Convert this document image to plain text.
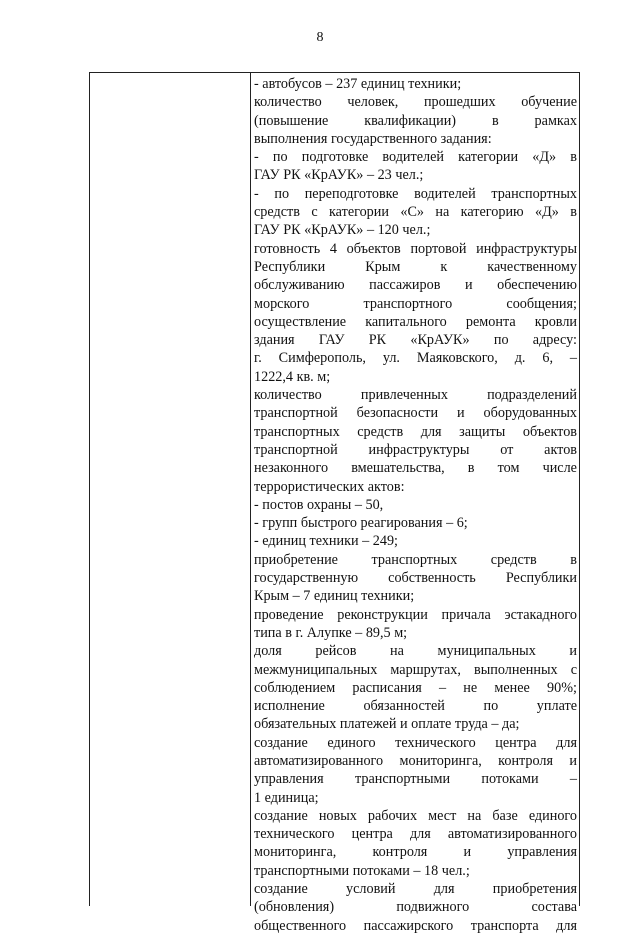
8
- автобусов – 237 единиц техники;
количество человек, прошедших обучение
(повышение квалификации) в рамках
выполнения государственного задания:
- по подготовке водителей категории «Д» в
ГАУ РК «КрАУК» – 23 чел.;
- по переподготовке водителей транспортных
средств с категории «С» на категорию «Д» в
ГАУ РК «КрАУК» – 120 чел.;
готовность 4 объектов портовой инфраструктуры
Республики Крым к качественному
обслуживанию пассажиров и обеспечению
морского транспортного сообщения;
осуществление капитального ремонта кровли
здания ГАУ РК «КрАУК» по адресу:
г. Симферополь, ул. Маяковского, д. 6, –
1222,4 кв. м;
количество привлеченных подразделений
транспортной безопасности и оборудованных
транспортных средств для защиты объектов
транспортной инфраструктуры от актов
незаконного вмешательства, в том числе
террористических актов:
- постов охраны – 50,
- групп быстрого реагирования – 6;
- единиц техники – 249;
приобретение транспортных средств в
государственную собственность Республики
Крым – 7 единиц техники;
проведение реконструкции причала эстакадного
типа в г. Алупке – 89,5 м;
доля рейсов на муниципальных и
межмуниципальных маршрутах, выполненных с
соблюдением расписания – не менее 90%;
исполнение обязанностей по уплате
обязательных платежей и оплате труда – да;
создание единого технического центра для
автоматизированного мониторинга, контроля и
управления транспортными потоками –
1 единица;
создание новых рабочих мест на базе единого
технического центра для автоматизированного
мониторинга, контроля и управления
транспортными потоками – 18 чел.;
создание условий для приобретения
(обновления) подвижного состава
общественного пассажирского транспорта для
